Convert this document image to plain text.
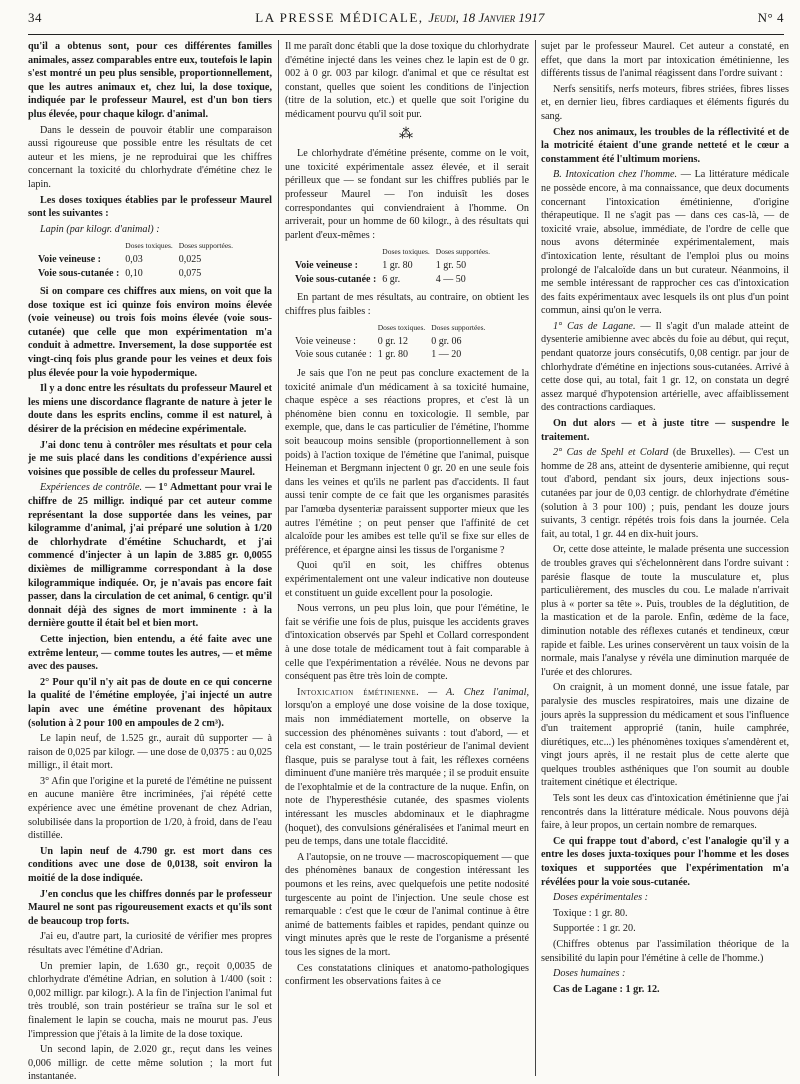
34	LA PRESSE MÉDICALE, Jeudi, 18 Janvier 1917	N° 4

qu'il a obtenus sont, pour ces différentes familles animales, assez comparables entre eux, toutefois le lapin s'est montré un peu plus sensible, proportionnellement, que les autres animaux et, chez lui, la dose toxique, indiquée par le professeur Maurel, est d'un bon tiers plus élevée, pour chaque kilogr. d'animal.

Dans le dessein de pouvoir établir une comparaison aussi rigoureuse que possible entre les résultats de cet auteur et les miens, je ne reproduirai que les chiffres concernant la toxicité du chlorhydrate d'émétine chez le lapin.

Les doses toxiques établies par le professeur Maurel sont les suivantes :

Lapin (par kilogr. d'animal) :

	Doses toxiques.	Doses supportées.
Voie veineuse :	0,03	0,025
Voie sous-cutanée :	0,10	0,075

Si on compare ces chiffres aux miens, on voit que la dose toxique est ici quinze fois environ moins élevée (voie veineuse) ou trois fois moins élevée (voie sous-cutanée) que celle que mon expérimentation m'a conduit à admettre. Inversement, la dose supportée est vingt-cinq fois plus grande pour les veines et deux fois plus élevée pour la voie hypodermique.

Il y a donc entre les résultats du professeur Maurel et les miens une discordance flagrante de nature à jeter le doute dans les esprits enclins, comme il est naturel, à désirer de la précision en médecine expérimentale.

J'ai donc tenu à contrôler mes résultats et pour cela je me suis placé dans les conditions d'expérience aussi voisines que possible de celles du professeur Maurel.

Expériences de contrôle. — 1° Admettant pour vrai le chiffre de 25 milligr. indiqué par cet auteur comme représentant la dose supportée dans les veines, par kilogramme d'animal, j'ai préparé une solution à 1/20 de chlorhydrate d'émétine Schuchardt, et j'ai commencé d'injecter à un lapin de 3.885 gr. 0,0055 dixièmes de milligramme correspondant à la dose kilogrammique indiquée. Or, je n'avais pas encore fait passer, dans la circulation de cet animal, 6 centigr. qu'il donnait déjà des signes de mort imminente : à la dernière goutte il était bel et bien mort.

Cette injection, bien entendu, a été faite avec une extrême lenteur, — comme toutes les autres, — et même avec des pauses.

2° Pour qu'il n'y ait pas de doute en ce qui concerne la qualité de l'émétine employée, j'ai injecté un autre lapin avec une émétine provenant des hôpitaux (solution à 2 pour 100 en ampoules de 2 cm³).

Le lapin neuf, de 1.525 gr., aurait dû supporter — à raison de 0,025 par kilogr. — une dose de 0,0375 : au 0,025 milligr., il était mort.

3° Afin que l'origine et la pureté de l'émétine ne puissent en aucune manière être incriminées, j'ai répété cette expérience avec une émétine provenant de chez Adrian, solubilisée dans la proportion de 1/20, à froid, dans de l'eau distillée.

Un lapin neuf de 4.790 gr. est mort dans ces conditions avec une dose de 0,0138, soit environ la moitié de la dose indiquée.

J'en conclus que les chiffres donnés par le professeur Maurel ne sont pas rigoureusement exacts et qu'ils sont de beaucoup trop forts.

J'ai eu, d'autre part, la curiosité de vérifier mes propres résultats avec l'émétine d'Adrian.

Un premier lapin, de 1.630 gr., reçoit 0,0035 de chlorhydrate d'émétine Adrian, en solution à 1/400 (soit : 0,002 milligr. par kilogr.). A la fin de l'injection l'animal fut très troublé, son train postérieur se traîna sur le sol et finalement le lapin se coucha, mais ne mourut pas. J'eus l'impression que j'étais à la limite de la dose toxique.

Un second lapin, de 2.020 gr., reçut dans les veines 0,006 milligr. de cette même solution ; la mort fut instantanée.

Il me paraît donc établi que la dose toxique du chlorhydrate d'émétine injecté dans les veines chez le lapin est de 0 gr. 002 à 0 gr. 003 par kilogr. d'animal et que ce résultat est constant, quelles que soient les conditions de l'injection (titre de la solution, etc.) et quelle que soit l'origine du médicament pourvu qu'il soit pur.

⁂

Le chlorhydrate d'émétine présente, comme on le voit, une toxicité expérimentale assez élevée, et il serait périlleux que — se fondant sur les chiffres publiés par le professeur Maurel — l'on induisît les doses correspondantes qui conviendraient à l'homme. On arriverait, pour un homme de 60 kilogr., à des résultats qui parlent d'eux-mêmes :

	Doses toxiques.	Doses supportées.
Voie veineuse :	1 gr. 80	1 gr. 50
Voie sous-cutanée :	6 gr.	4 — 50

En partant de mes résultats, au contraire, on obtient les chiffres plus faibles :

	Doses toxiques.	Doses supportées.
Voie veineuse :	0 gr. 12	0 gr. 06
Voie sous cutanée :	1 gr. 80	1 — 20

Je sais que l'on ne peut pas conclure exactement de la toxicité animale d'un médicament à sa toxicité humaine, chaque espèce a ses réactions propres, et c'est là un phénomène bien connu en toxicologie. Il semble, par exemple, que, dans le cas particulier de l'émétine, l'homme soit beaucoup moins sensible (proportionnellement à son poids) à l'action toxique de l'émétine que l'animal, puisque Heineman et Bergmann injectent 0 gr. 20 en une seule fois dans les veines et qu'ils ne parlent pas d'accidents. Il faut aussi tenir compte de ce fait que les organismes parasités par l'amœba dysenteriæ paraissent supporter mieux que les autres l'émétine ; on peut penser que l'affinité de cet alcaloïde pour les amibes est telle qu'il se fixe sur elles de préférence, et épargne ainsi les tissus de l'organisme ?

Quoi qu'il en soit, les chiffres obtenus expérimentalement ont une valeur indicative non douteuse et constituent un guide excellent pour la posologie.

Nous verrons, un peu plus loin, que pour l'émétine, le fait se vérifie une fois de plus, puisque les accidents graves d'intoxication observés par Spehl et Collard correspondent à une dose totale de médicament tout à fait comparable à celle que l'expérimentation a révélée. Nous ne devons par conséquent pas être très loin de compte.

Intoxication émétinienne. — A. Chez l'animal, lorsqu'on a employé une dose voisine de la dose toxique, mais non immédiatement mortelle, on observe la succession des phénomènes suivants : tout d'abord, — et cela est constant, — le train postérieur de l'animal devient flasque, puis se paralyse tout à fait, les réflexes cornéens diminuent d'une manière très marquée ; il se produit ensuite de l'exophtalmie et de la contracture de la nuque. Enfin, on note de l'hyperesthésie cutanée, des spasmes violents intéressant les muscles abdominaux et le diaphragme (hoquet), des convulsions généralisées et l'animal meurt en peu de temps, dans une totale flaccidité.

A l'autopsie, on ne trouve — macroscopiquement — que des phénomènes banaux de congestion intéressant les poumons et les reins, avec quelquefois une petite nodosité turgescente au point de l'injection. Une seule chose est remarquable : c'est que le cœur de l'animal continue à être animé de battements faibles et rapides, pendant quinze ou vingt minutes après que le reste de l'organisme a présenté tous les signes de la mort.

Ces constatations cliniques et anatomo-pathologiques confirment les observations faites à ce

sujet par le professeur Maurel. Cet auteur a constaté, en effet, que dans la mort par intoxication émétinienne, les différents tissus de l'animal réagissent dans l'ordre suivant :

Nerfs sensitifs, nerfs moteurs, fibres striées, fibres lisses et, en dernier lieu, fibres cardiaques et éléments figurés du sang.

Chez nos animaux, les troubles de la réflectivité et de la motricité étaient d'une grande netteté et le cœur a constamment été l'ultimum moriens.

B. Intoxication chez l'homme. — La littérature médicale ne possède encore, à ma connaissance, que deux documents concernant l'intoxication émétinienne, d'origine thérapeutique. Il ne s'agit pas — dans ces cas-là, — de toxicité vraie, absolue, immédiate, de l'ordre de celle que nous avons déterminée expérimentalement, mais d'intoxication lente, résultant de l'emploi plus ou moins prolongé de l'alcaloïde dans un but curateur. Néanmoins, il me semble intéressant de rapprocher ces cas d'intoxication des faits expérimentaux avec lesquels ils ont plus d'un point commun, ainsi qu'on le verra.

1° Cas de Lagane. — Il s'agit d'un malade atteint de dysenterie amibienne avec abcès du foie au début, qui reçut, pendant quatorze jours consécutifs, 0,08 centigr. par jour de chlorhydrate d'émétine en injections sous-cutanées. Arrivé à cette dose qui, au total, fait 1 gr. 12, on constata un degré assez marqué d'hypotension artérielle, avec affaiblissement des contractions cardiaques.

On dut alors — et à juste titre — suspendre le traitement.

2° Cas de Spehl et Colard (de Bruxelles). — C'est un homme de 28 ans, atteint de dysenterie amibienne, qui reçut tout d'abord, pendant six jours, deux injections sous-cutanées par jour de 0,03 centigr. de chlorhydrate d'émétine (solution à 3 pour 100) ; puis, pendant les douze jours suivants, 3 centigr. répétés trois fois dans la journée. Cela fait, au total, 1 gr. 44 en dix-huit jours.

Or, cette dose atteinte, le malade présenta une succession de troubles graves qui s'échelonnèrent dans l'ordre suivant : parésie flasque de toute la musculature et, plus particulièrement, des muscles du cou. Le malade n'arrivait plus à « porter sa tête ». Puis, troubles de la déglutition, de la mastication et de la parole. Enfin, œdème de la face, diminution notable des réflexes cutanés et tendineux, cœur rapide et faible. Les urines conservèrent un taux voisin de la normale, mais l'analyse y révéla une diminution marquée de l'urée et des chlorures.

On craignit, à un moment donné, une issue fatale, par paralysie des muscles respiratoires, mais une dizaine de jours après la suppression du médicament et sous l'influence d'un traitement approprié (tanin, huile camphrée, diurétiques, etc...) les phénomènes toxiques s'amendèrent et, vingt jours après, il ne restait plus de cette alerte que quelques troubles asthéniques que l'on soumit au double traitement cinétique et électrique.

Tels sont les deux cas d'intoxication émétinienne que j'ai rencontrés dans la littérature médicale. Nous pouvons déjà faire, à leur propos, un certain nombre de remarques.

Ce qui frappe tout d'abord, c'est l'analogie qu'il y a entre les doses juxta-toxiques pour l'homme et les doses toxiques et supportées que l'expérimentation m'a révélées pour la voie sous-cutanée.

Doses expérimentales :

Toxique : 1 gr. 80.

Supportée : 1 gr. 20.

(Chiffres obtenus par l'assimilation théorique de la sensibilité du lapin pour l'émétine à celle de l'homme.)

Doses humaines :

Cas de Lagane : 1 gr. 12.
